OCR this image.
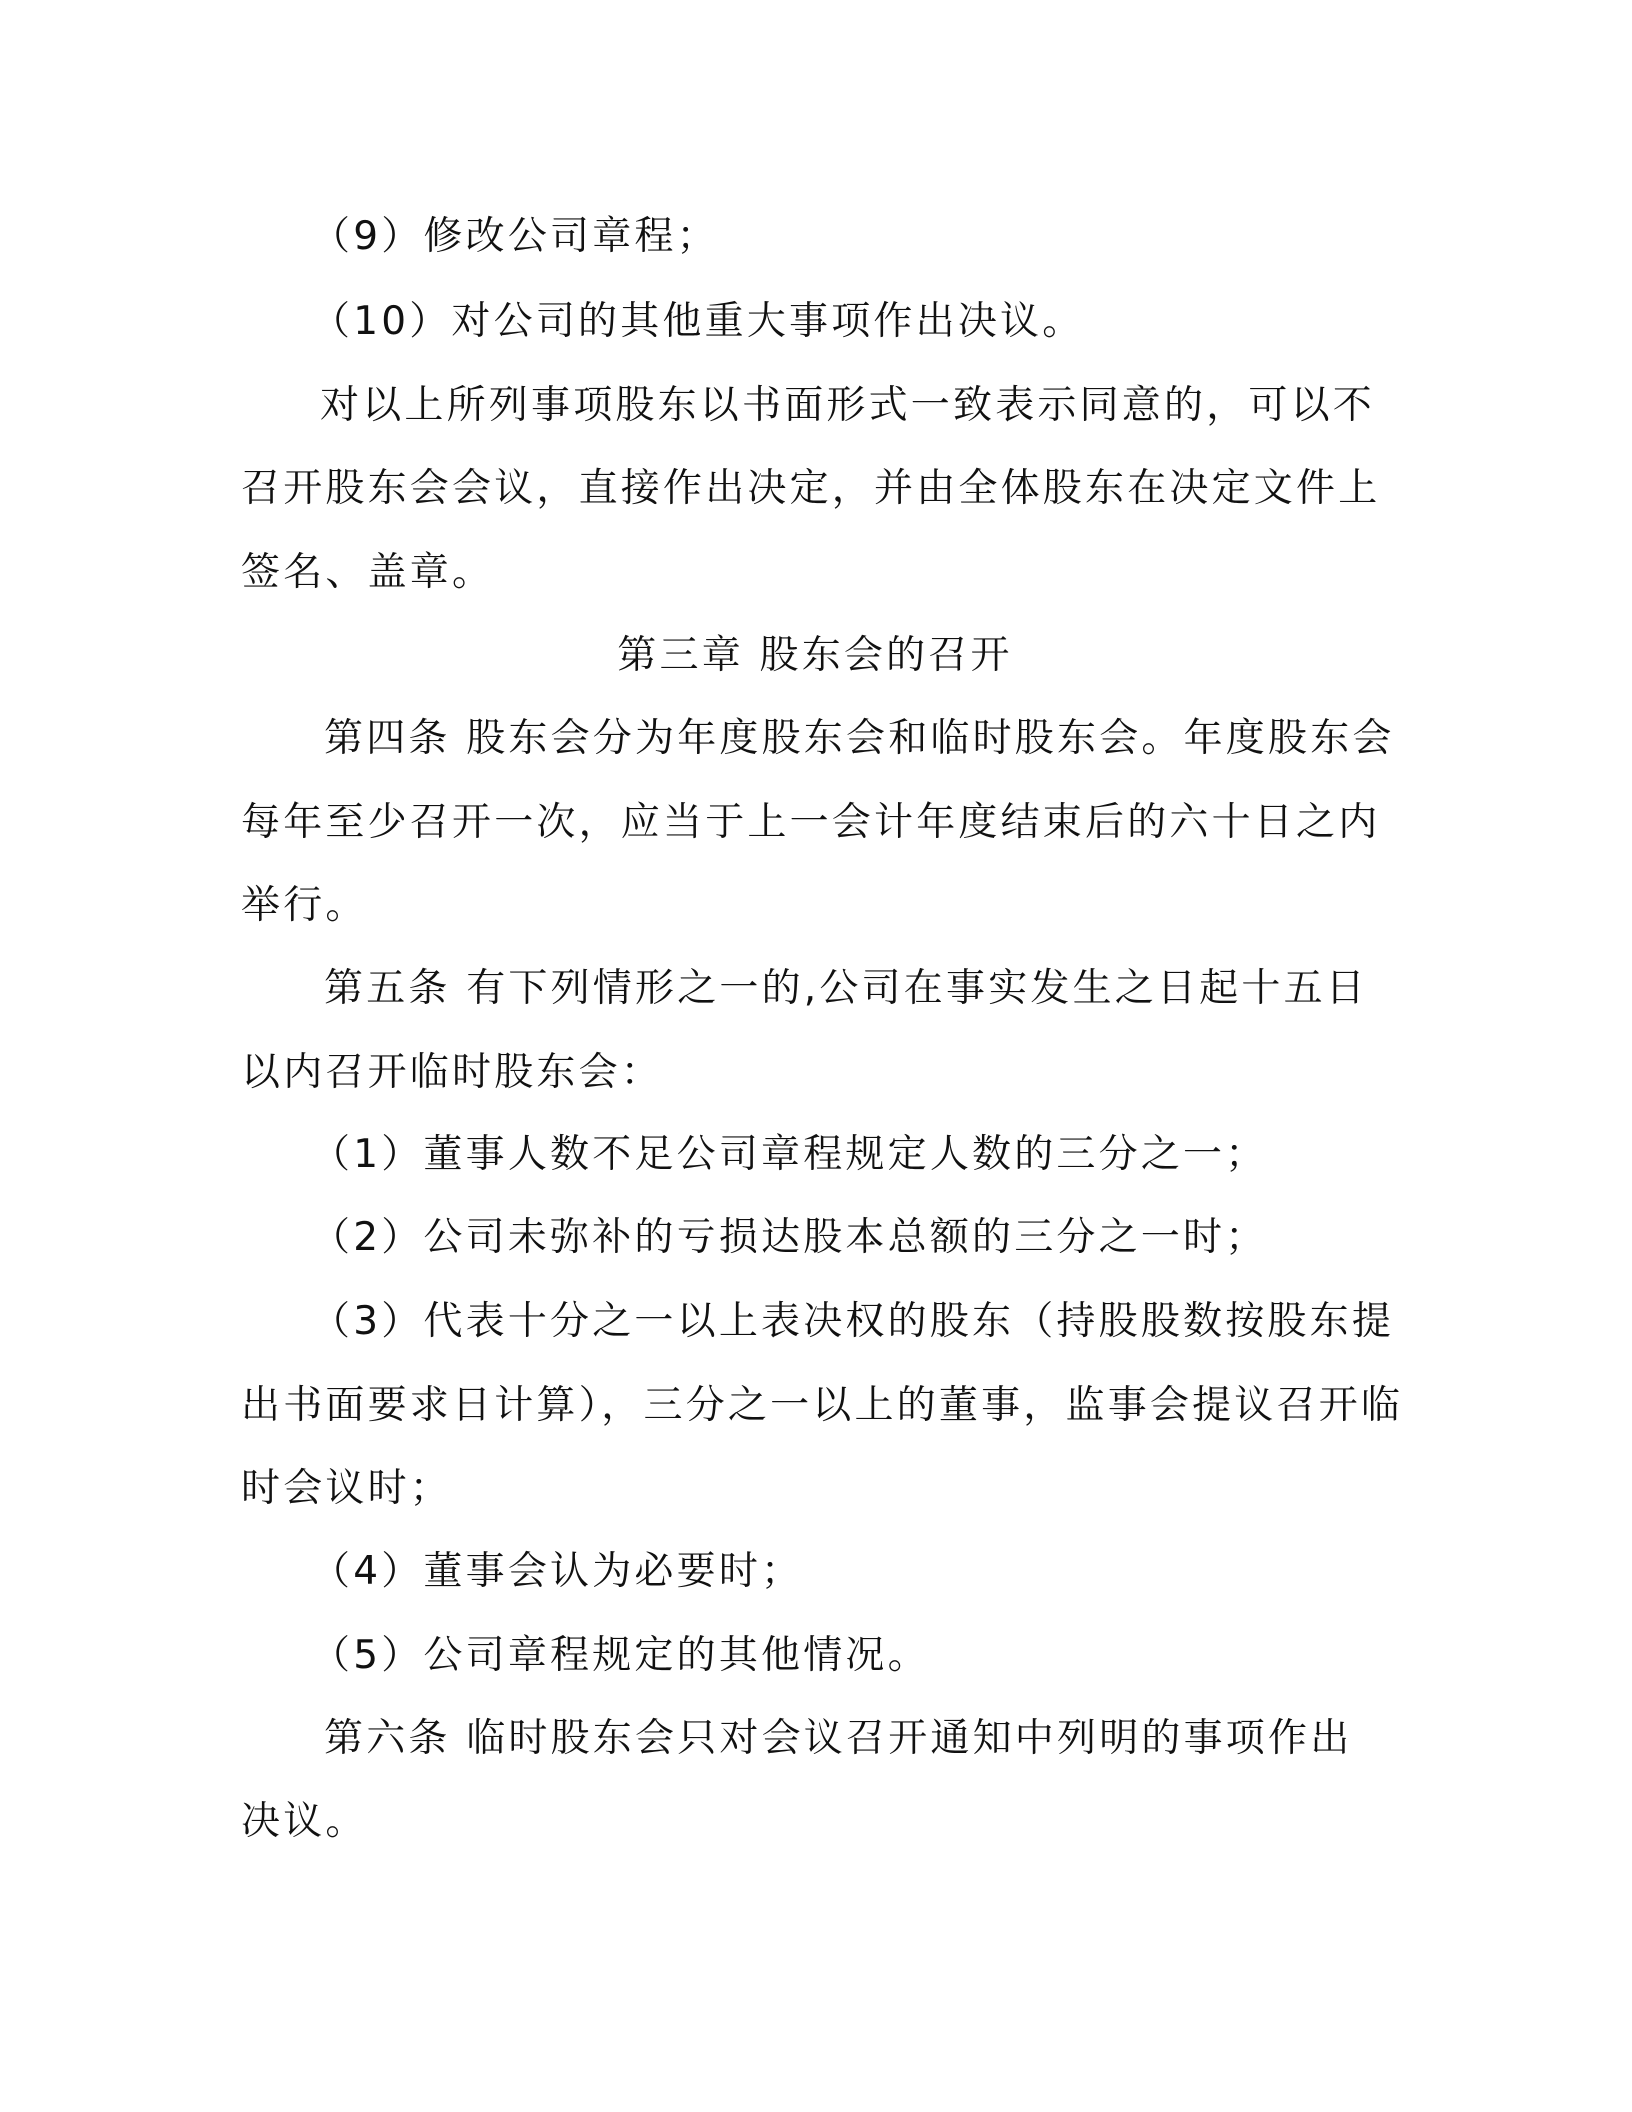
（9）修改公司章程；
（10）对公司的其他重大事项作出决议。
对以上所列事项股东以书面形式一致表示同意的，可以不
召开股东会会议，直接作出决定，并由全体股东在决定文件上
签名、盖章。
第三章 股东会的召开
第四条 股东会分为年度股东会和临时股东会。年度股东会
每年至少召开一次，应当于上一会计年度结束后的六十日之内
举行。
第五条 有下列情形之一的,公司在事实发生之日起十五日
以内召开临时股东会：
（1）董事人数不足公司章程规定人数的三分之一；
（2）公司未弥补的亏损达股本总额的三分之一时；
（3）代表十分之一以上表决权的股东（持股股数按股东提
出书面要求日计算），三分之一以上的董事，监事会提议召开临
时会议时；
（4）董事会认为必要时；
（5）公司章程规定的其他情况。
第六条 临时股东会只对会议召开通知中列明的事项作出
决议。
